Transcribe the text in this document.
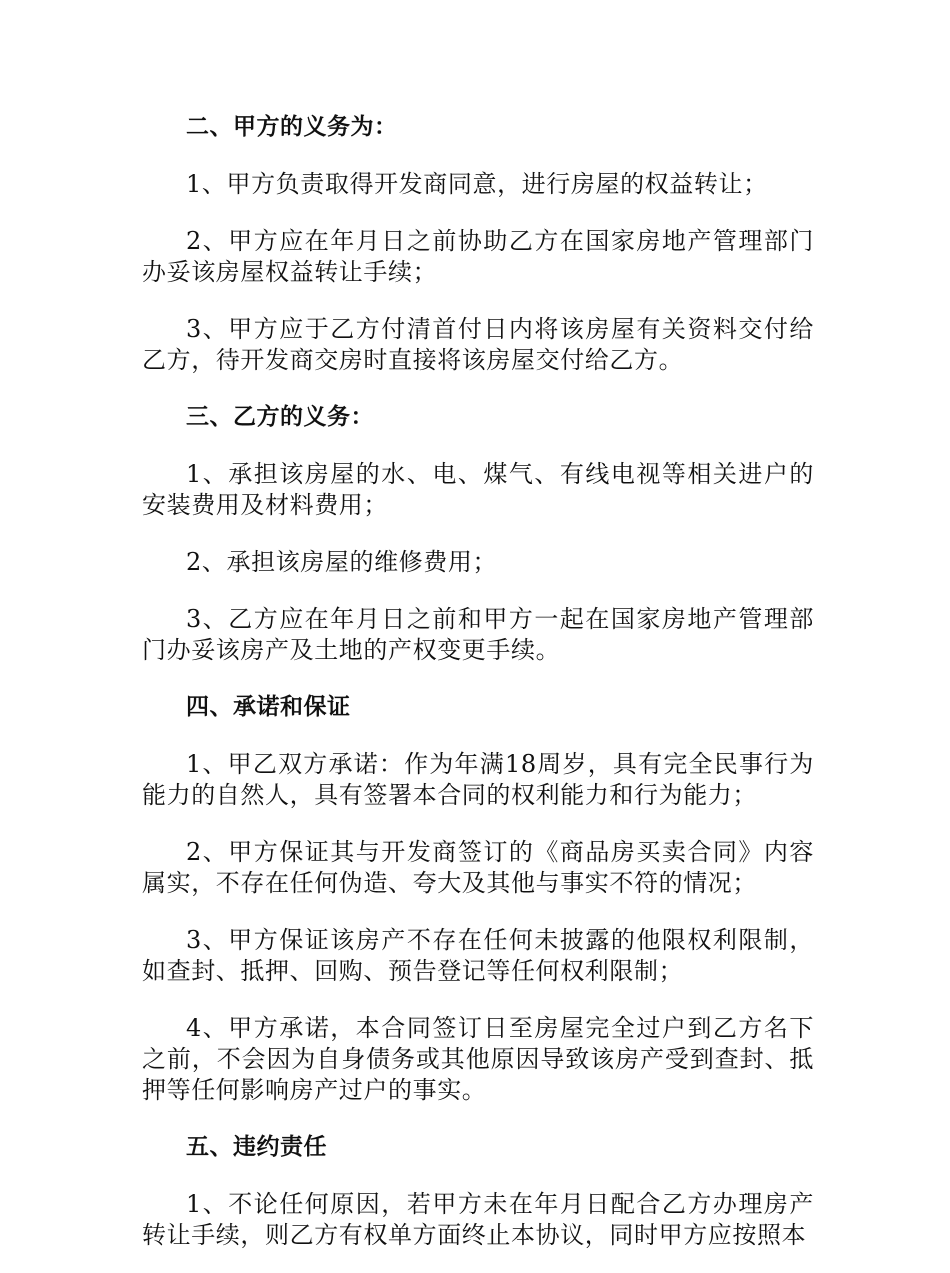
二、甲方的义务为：

1、甲方负责取得开发商同意，进行房屋的权益转让；

2、甲方应在年月日之前协助乙方在国家房地产管理部门办妥该房屋权益转让手续；

3、甲方应于乙方付清首付日内将该房屋有关资料交付给乙方，待开发商交房时直接将该房屋交付给乙方。

三、乙方的义务：

1、承担该房屋的水、电、煤气、有线电视等相关进户的安装费用及材料费用；

2、承担该房屋的维修费用；

3、乙方应在年月日之前和甲方一起在国家房地产管理部门办妥该房产及土地的产权变更手续。

四、承诺和保证

1、甲乙双方承诺：作为年满18周岁，具有完全民事行为能力的自然人，具有签署本合同的权利能力和行为能力；

2、甲方保证其与开发商签订的《商品房买卖合同》内容属实，不存在任何伪造、夸大及其他与事实不符的情况；

3、甲方保证该房产不存在任何未披露的他限权利限制，如查封、抵押、回购、预告登记等任何权利限制；

4、甲方承诺，本合同签订日至房屋完全过户到乙方名下之前，不会因为自身债务或其他原因导致该房产受到查封、抵押等任何影响房产过户的事实。

五、违约责任

1、不论任何原因，若甲方未在年月日配合乙方办理房产转让手续，则乙方有权单方面终止本协议，同时甲方应按照本
